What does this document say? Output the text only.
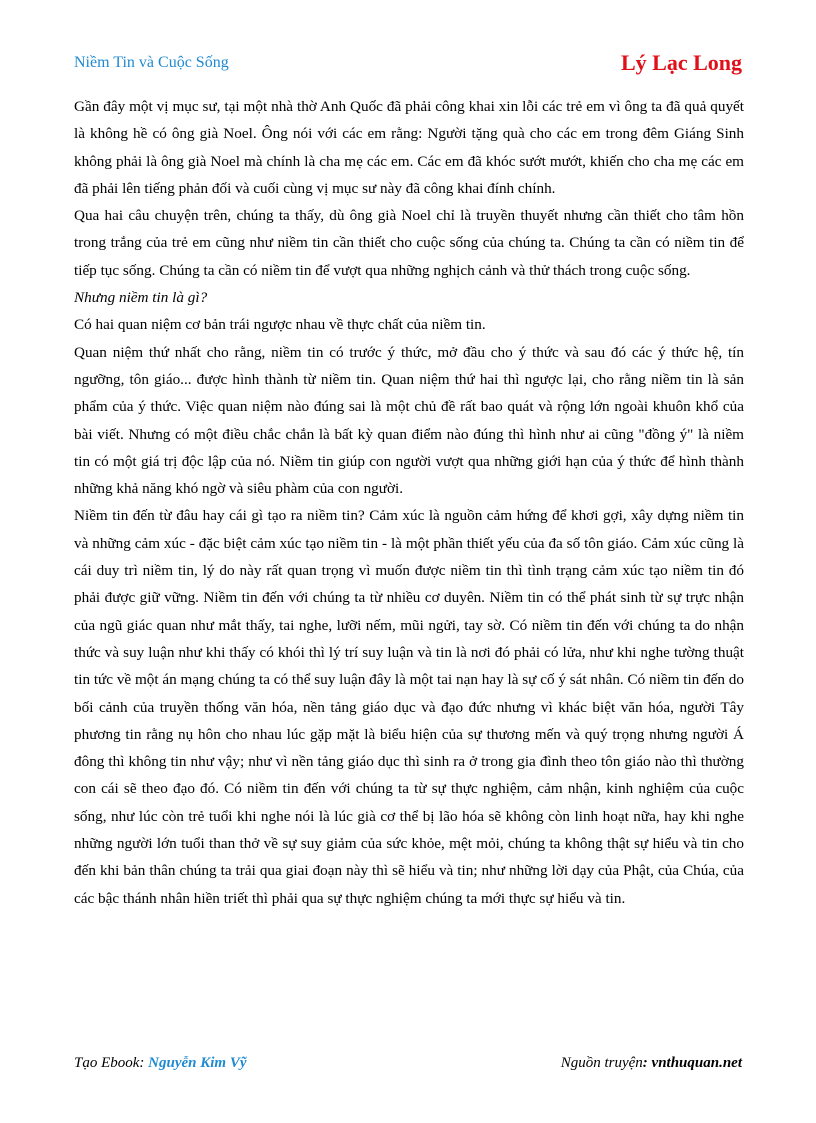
Niềm Tin và Cuộc Sống	Lý Lạc Long

Gần đây một vị mục sư, tại một nhà thờ Anh Quốc đã phải công khai xin lỗi các trẻ em vì ông ta đã quả quyết là không hề có ông già Noel. Ông nói với các em rằng: Người tặng quà cho các em trong đêm Giáng Sinh không phải là ông già Noel mà chính là cha mẹ các em. Các em đã khóc sướt mướt, khiến cho cha mẹ các em đã phải lên tiếng phản đối và cuối cùng vị mục sư này đã công khai đính chính.

Qua hai câu chuyện trên, chúng ta thấy, dù ông già Noel chỉ là truyền thuyết nhưng cần thiết cho tâm hồn trong trắng của trẻ em cũng như niềm tin cần thiết cho cuộc sống của chúng ta. Chúng ta cần có niềm tin để tiếp tục sống. Chúng ta cần có niềm tin để vượt qua những nghịch cảnh và thử thách trong cuộc sống.

Nhưng niềm tin là gì?

Có hai quan niệm cơ bản trái ngược nhau về thực chất của niềm tin.

Quan niệm thứ nhất cho rằng, niềm tin có trước ý thức, mở đầu cho ý thức và sau đó các ý thức hệ, tín ngưỡng, tôn giáo... được hình thành từ niềm tin. Quan niệm thứ hai thì ngược lại, cho rằng niềm tin là sản phẩm của ý thức. Việc quan niệm nào đúng sai là một chủ đề rất bao quát và rộng lớn ngoài khuôn khổ của bài viết. Nhưng có một điều chắc chắn là bất kỳ quan điểm nào đúng thì hình như ai cũng "đồng ý" là niềm tin có một giá trị độc lập của nó. Niềm tin giúp con người vượt qua những giới hạn của ý thức để hình thành những khả năng khó ngờ và siêu phàm của con người.

Niềm tin đến từ đâu hay cái gì tạo ra niềm tin? Cảm xúc là nguồn cảm hứng để khơi gợi, xây dựng niềm tin và những cảm xúc - đặc biệt cảm xúc tạo niềm tin - là một phần thiết yếu của đa số tôn giáo. Cảm xúc cũng là cái duy trì niềm tin, lý do này rất quan trọng vì muốn được niềm tin thì tình trạng cảm xúc tạo niềm tin đó phải được giữ vững. Niềm tin đến với chúng ta từ nhiều cơ duyên. Niềm tin có thể phát sinh từ sự trực nhận của ngũ giác quan như mắt thấy, tai nghe, lưỡi nếm, mũi ngửi, tay sờ. Có niềm tin đến với chúng ta do nhận thức và suy luận như khi thấy có khói thì lý trí suy luận và tin là nơi đó phải có lửa, như khi nghe tường thuật tin tức về một án mạng chúng ta có thể suy luận đây là một tai nạn hay là sự cố ý sát nhân. Có niềm tin đến do bối cảnh của truyền thống văn hóa, nền tảng giáo dục và đạo đức nhưng vì khác biệt văn hóa, người Tây phương tin rằng nụ hôn cho nhau lúc gặp mặt là biểu hiện của sự thương mến và quý trọng nhưng người Á đông thì không tin như vậy; như vì nền tảng giáo dục thì sinh ra ở trong gia đình theo tôn giáo nào thì thường con cái sẽ theo đạo đó. Có niềm tin đến với chúng ta từ sự thực nghiệm, cảm nhận, kinh nghiệm của cuộc sống, như lúc còn trẻ tuổi khi nghe nói là lúc già cơ thể bị lão hóa sẽ không còn linh hoạt nữa, hay khi nghe những người lớn tuổi than thở về sự suy giảm của sức khỏe, mệt mỏi, chúng ta không thật sự hiểu và tin cho đến khi bản thân chúng ta trải qua giai đoạn này thì sẽ hiểu và tin; như những lời dạy của Phật, của Chúa, của các bậc thánh nhân hiền triết thì phải qua sự thực nghiệm chúng ta mới thực sự hiểu và tin.

Tạo Ebook: Nguyễn Kim Vỹ	Nguồn truyện: vnthuquan.net
